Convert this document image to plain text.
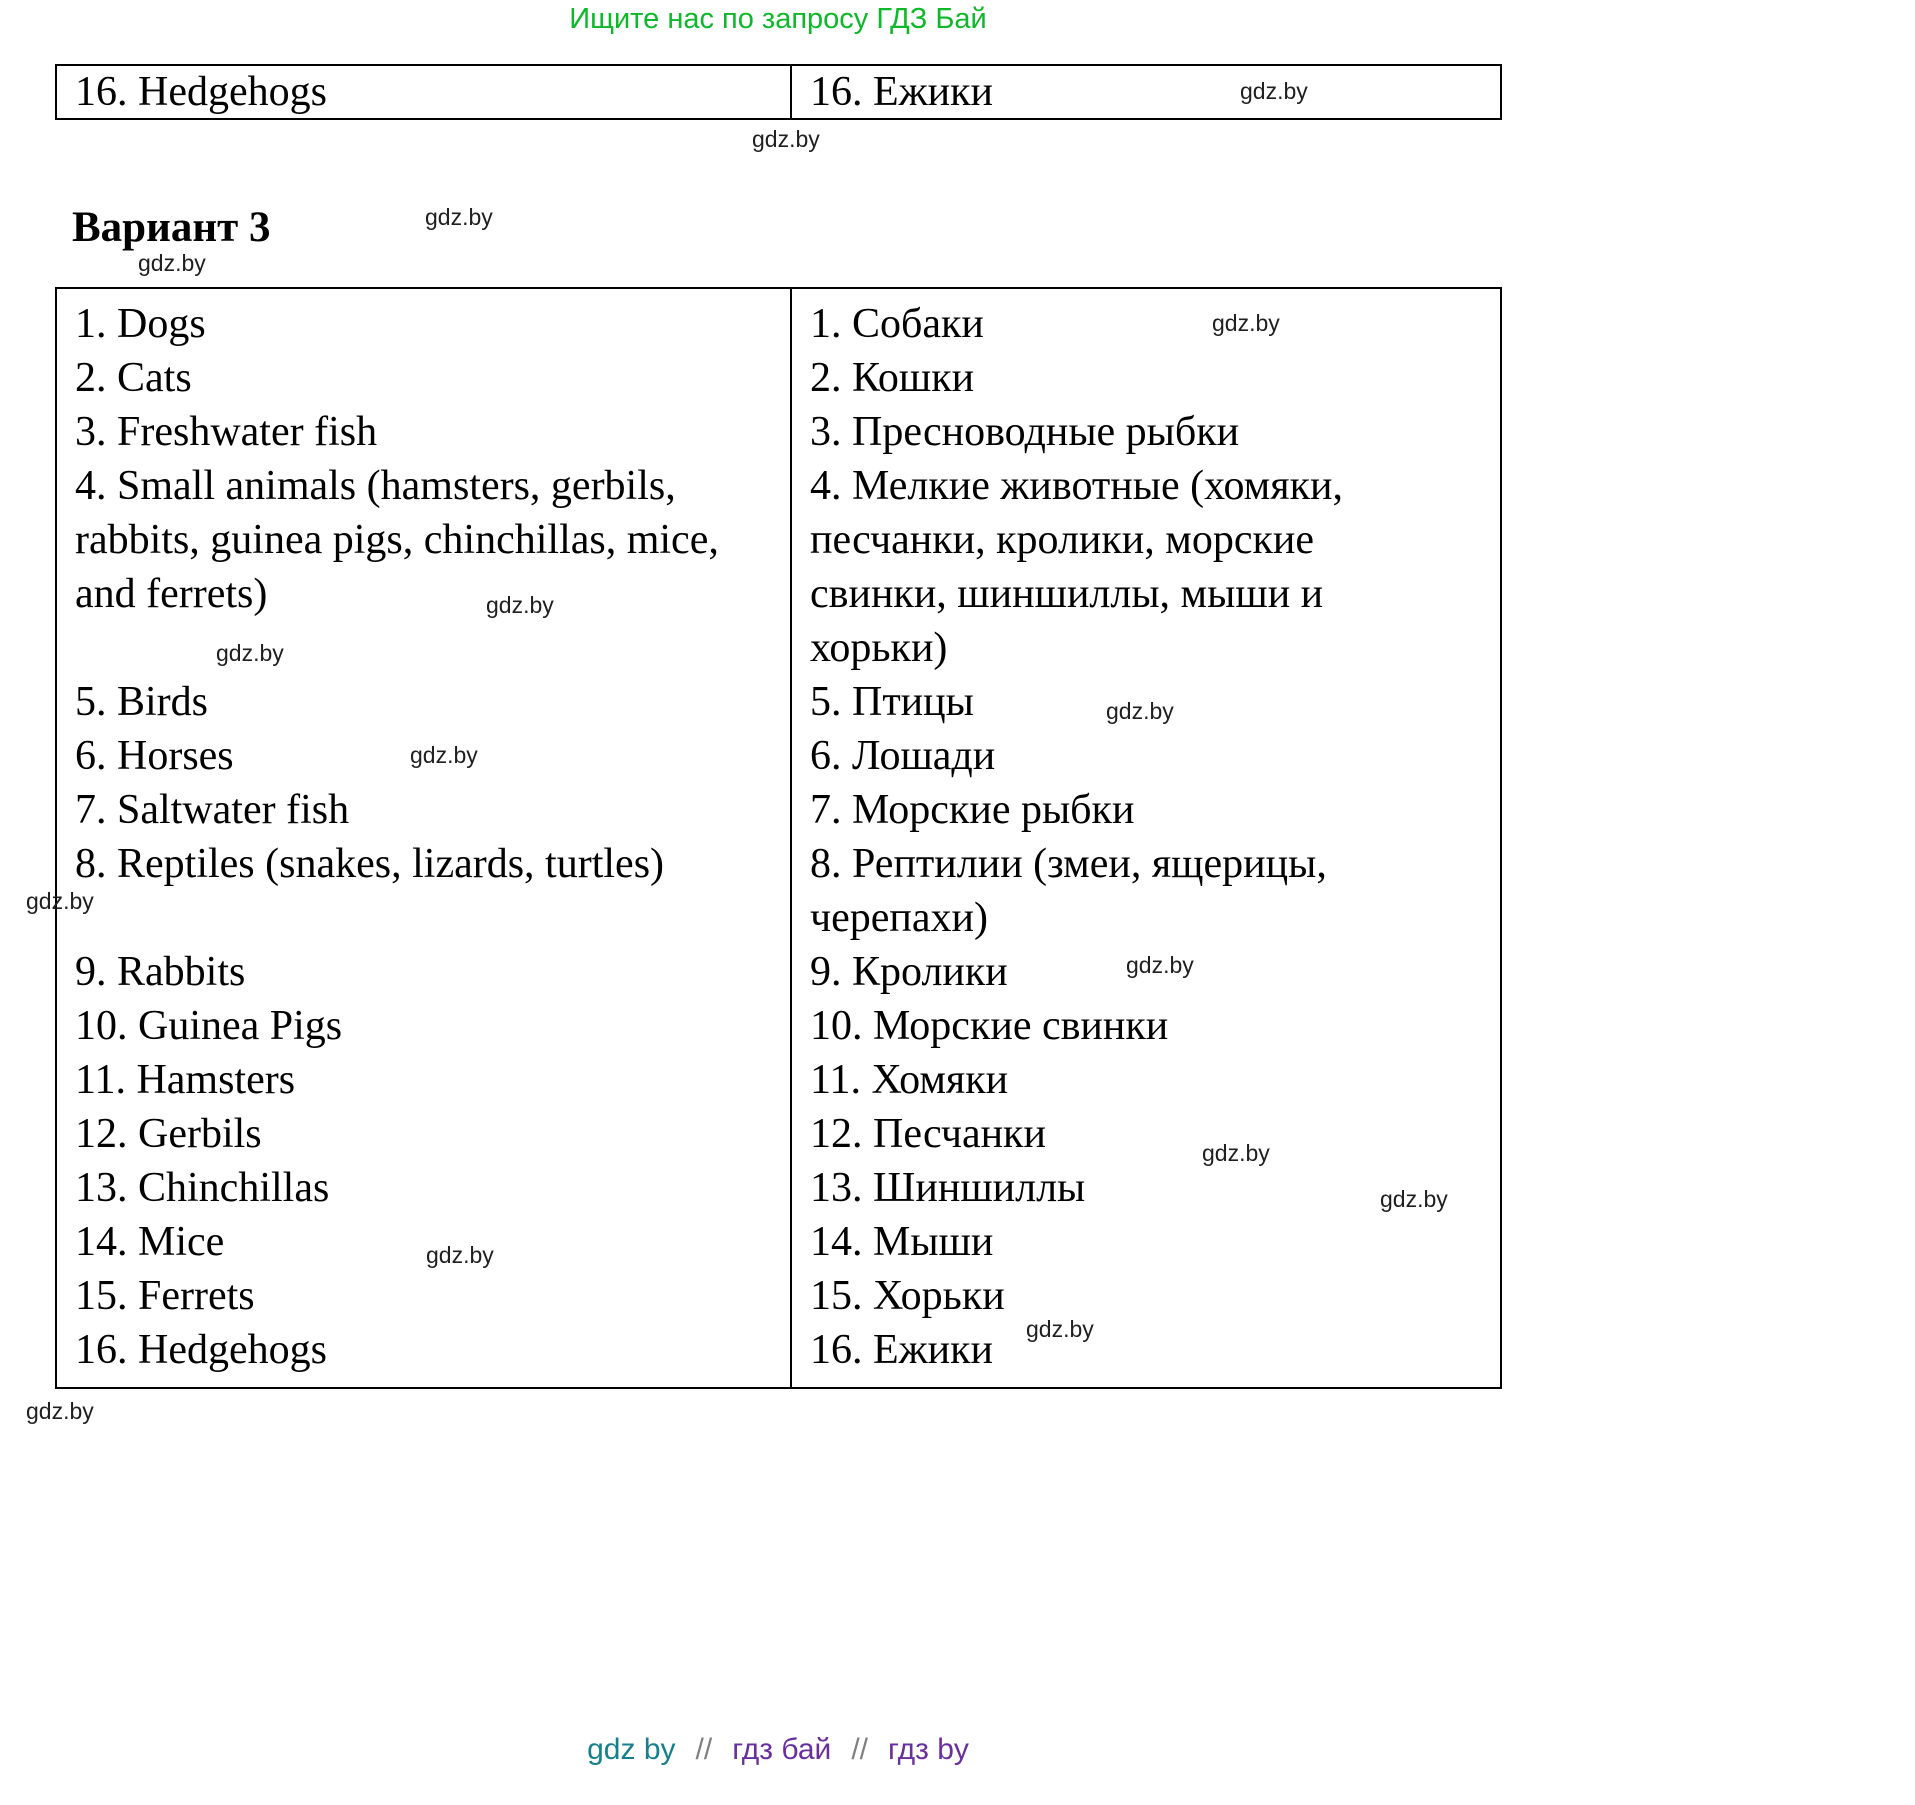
Ищите нас по запросу ГДЗ Бай
16. Hedgehogs	16. Ежики
Вариант 3
1. Dogs	1. Собаки
2. Cats	2. Кошки
3. Freshwater fish	3. Пресноводные рыбки
4. Small animals (hamsters, gerbils, rabbits, guinea pigs, chinchillas, mice, and ferrets)	4. Мелкие животные (хомяки, песчанки, кролики, морские свинки, шиншиллы, мыши и хорьки)
5. Birds	5. Птицы
6. Horses	6. Лошади
7. Saltwater fish	7. Морские рыбки
8. Reptiles (snakes, lizards, turtles)	8. Рептилии (змеи, ящерицы, черепахи)
9. Rabbits	9. Кролики
10. Guinea Pigs	10. Морские свинки
11. Hamsters	11. Хомяки
12. Gerbils	12. Песчанки
13. Chinchillas	13. Шиншиллы
14. Mice	14. Мыши
15. Ferrets	15. Хорьки
16. Hedgehogs	16. Ежики
gdz.by
gdz.by
gdz.by
gdz.by
gdz.by
gdz.by
gdz.by
gdz.by
gdz.by
gdz.by
gdz.by
gdz.by
gdz.by
gdz.by
gdz.by
gdz.by
gdz by // гдз бай // гдз by
